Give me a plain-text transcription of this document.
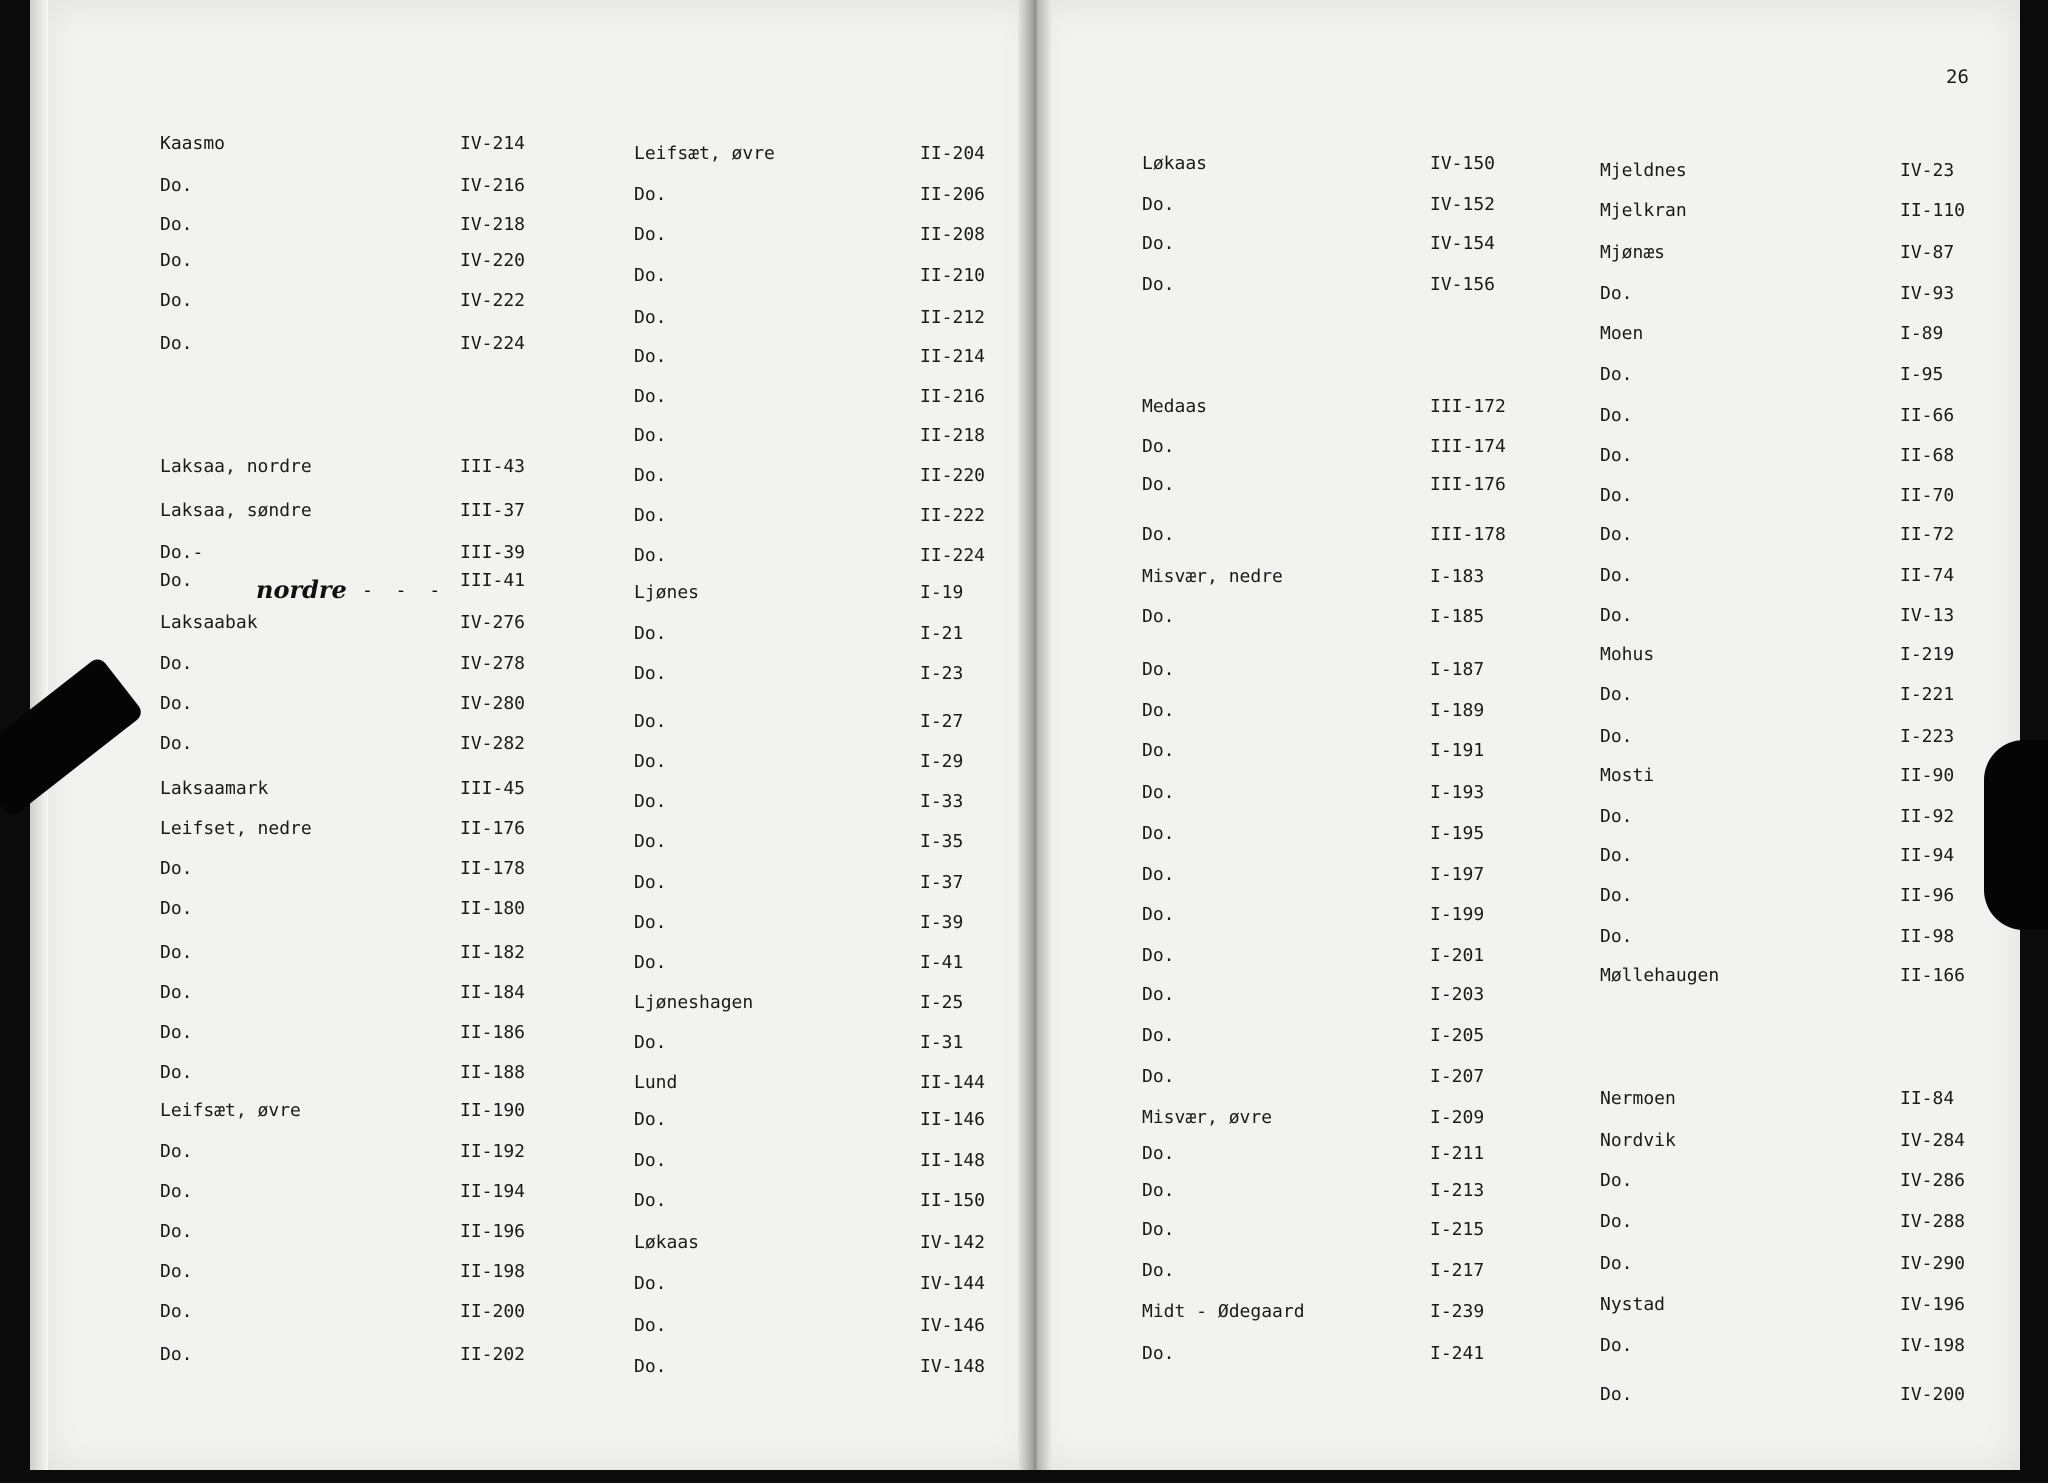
26
Kaasmo	IV-214
Do.	IV-216
Do.	IV-218
Do.	IV-220
Do.	IV-222
Do.	IV-224
Laksaa, nordre	III-43
Laksaa, søndre	III-37
Do.-	III-39
Do.	III-41
Laksaabak	IV-276
Do.	IV-278
Do.	IV-280
Do.	IV-282
Laksaamark	III-45
Leifset, nedre	II-176
Do.	II-178
Do.	II-180
Do.	II-182
Do.	II-184
Do.	II-186
Do.	II-188
Leifsæt, øvre	II-190
Do.	II-192
Do.	II-194
Do.	II-196
Do.	II-198
Do.	II-200
Do.	II-202
Leifsæt, øvre	II-204
Do.	II-206
Do.	II-208
Do.	II-210
Do.	II-212
Do.	II-214
Do.	II-216
Do.	II-218
Do.	II-220
Do.	II-222
Do.	II-224
Ljønes	I-19
Do.	I-21
Do.	I-23
Do.	I-27
Do.	I-29
Do.	I-33
Do.	I-35
Do.	I-37
Do.	I-39
Do.	I-41
Ljøneshagen	I-25
Do.	I-31
Lund	II-144
Do.	II-146
Do.	II-148
Do.	II-150
Løkaas	IV-142
Do.	IV-144
Do.	IV-146
Do.	IV-148
Løkaas	IV-150
Do.	IV-152
Do.	IV-154
Do.	IV-156
Medaas	III-172
Do.	III-174
Do.	III-176
Do.	III-178
Misvær, nedre	I-183
Do.	I-185
Do.	I-187
Do.	I-189
Do.	I-191
Do.	I-193
Do.	I-195
Do.	I-197
Do.	I-199
Do.	I-201
Do.	I-203
Do.	I-205
Do.	I-207
Misvær, øvre	I-209
Do.	I-211
Do.	I-213
Do.	I-215
Do.	I-217
Midt - Ødegaard	I-239
Do.	I-241
Mjeldnes	IV-23
Mjelkran	II-110
Mjønæs	IV-87
Do.	IV-93
Moen	I-89
Do.	I-95
Do.	II-66
Do.	II-68
Do.	II-70
Do.	II-72
Do.	II-74
Do.	IV-13
Mohus	I-219
Do.	I-221
Do.	I-223
Mosti	II-90
Do.	II-92
Do.	II-94
Do.	II-96
Do.	II-98
Møllehaugen	II-166
Nermoen	II-84
Nordvik	IV-284
Do.	IV-286
Do.	IV-288
Do.	IV-290
Nystad	IV-196
Do.	IV-198
Do.	IV-200
nordre - - -
